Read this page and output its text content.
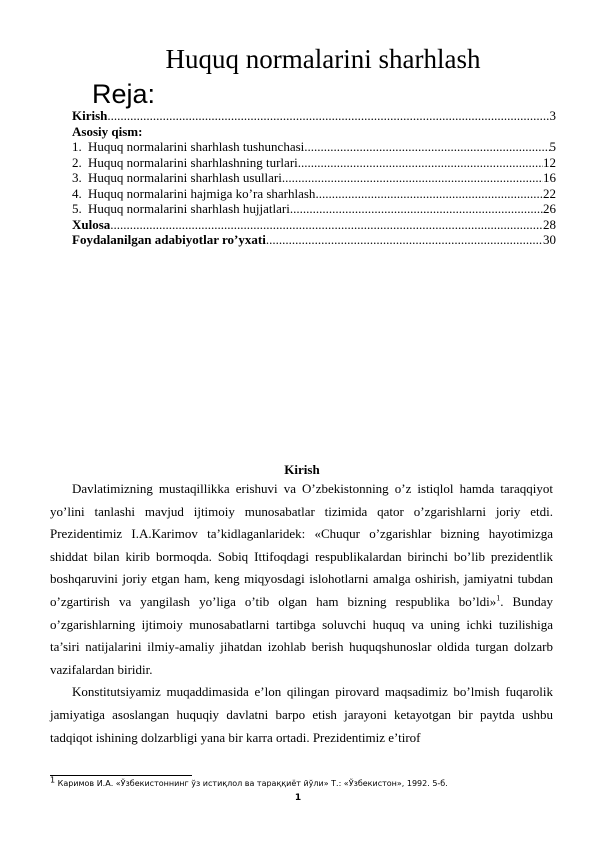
Huquq normalarini sharhlash
Reja:
Kirish .....	3
Asosiy qism:
1. Huquq normalarini sharhlash tushunchasi .....	5
2. Huquq normalarini sharhlashning turlari .....	12
3. Huquq normalarini sharhlash usullari .....	16
4. Huquq normalarini hajmiga ko’ra sharhlash .....	22
5. Huquq normalarini sharhlash hujjatlari .....	26
Xulosa .....	28
Foydalanilgan adabiyotlar ro’yxati .....	30
Kirish

Davlatimizning mustaqillikka erishuvi va O’zbekistonning o’z istiqlol hamda taraqqiyot yo’lini tanlashi mavjud ijtimoiy munosabatlar tizimida qator o’zgarishlarni joriy etdi. Prezidentimiz I.A.Karimov ta’kidlaganlaridek: «Chuqur o’zgarishlar bizning hayotimizga shiddat bilan kirib bormoqda. Sobiq Ittifoqdagi respublikalardan birinchi bo’lib prezidentlik boshqaruvini joriy etgan ham, keng miqyosdagi islohotlarni amalga oshirish, jamiyatni tubdan o’zgartirish va yangilash yo’liga o’tib olgan ham bizning respublika bo’ldi»$^1$. Bunday o’zgarishlarning ijtimoiy munosabatlarni tartibga soluvchi huquq va uning ichki tuzilishiga ta’siri natijalarini ilmiy-amaliy jihatdan izohlab berish huquqshunoslar oldida turgan dolzarb vazifalardan biridir.

Konstitutsiyamiz muqaddimasida e’lon qilingan pirovard maqsadimiz bo’lmish fuqarolik jamiyatiga asoslangan huquqiy davlatni barpo etish jarayoni ketayotgan bir paytda ushbu tadqiqot ishining dolzarbligi yana bir karra ortadi. Prezidentimiz e’tirof

$^1$ Каримов И.А. «Ўзбекистоннинг ўз истиқлол ва тараққиёт йўли» Т.: «Ўзбекистон», 1992. 5-б.
1
